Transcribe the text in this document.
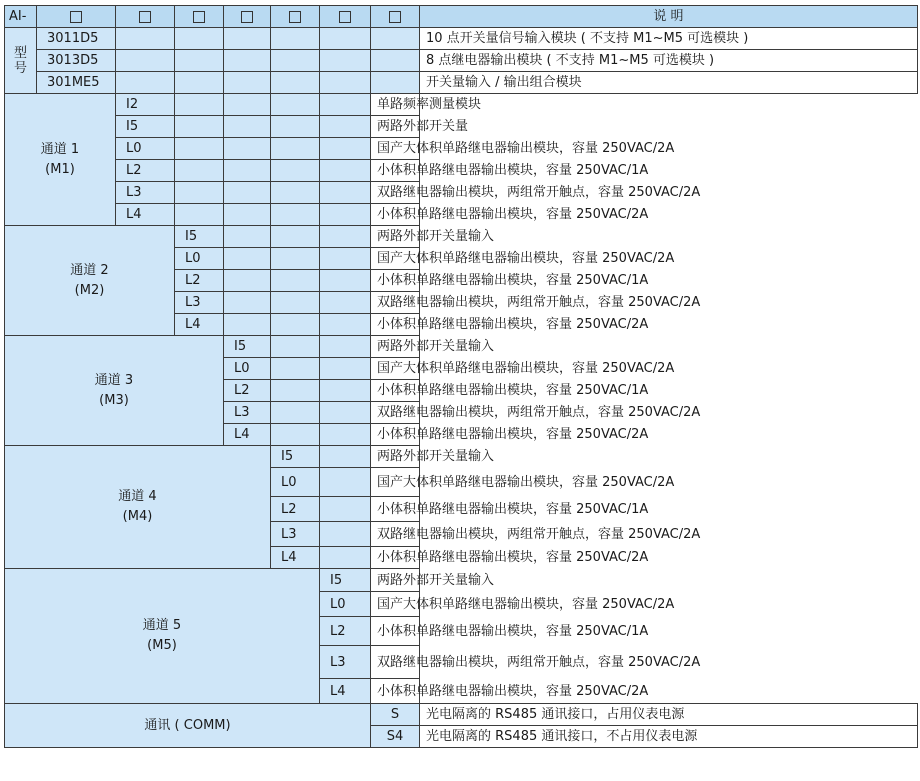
AI-								说 明

型
号	3011D5							10 点开关量信号输入模块 ( 不支持 M1~M5 可选模块 )
	3013D5							8 点继电器输出模块 ( 不支持 M1~M5 可选模块 )
	301ME5							开关量输入 / 输出组合模块

通道 1
(M1)		I2					单路频率测量模块	
		I5					两路外部开关量	
		L0					国产大体积单路继电器输出模块，容量 250VAC/2A	
		L2					小体积单路继电器输出模块，容量 250VAC/1A	
		L3					双路继电器输出模块，两组常开触点，容量 250VAC/2A	
		L4					小体积单路继电器输出模块，容量 250VAC/2A	

通道 2
(M2)			I5				两路外部开关量输入	
			L0				国产大体积单路继电器输出模块，容量 250VAC/2A	
			L2				小体积单路继电器输出模块，容量 250VAC/1A	
			L3				双路继电器输出模块，两组常开触点，容量 250VAC/2A	
			L4				小体积单路继电器输出模块，容量 250VAC/2A	

通道 3
(M3)				I5			两路外部开关量输入	
				L0			国产大体积单路继电器输出模块，容量 250VAC/2A	
				L2			小体积单路继电器输出模块，容量 250VAC/1A	
				L3			双路继电器输出模块，两组常开触点，容量 250VAC/2A	
				L4			小体积单路继电器输出模块，容量 250VAC/2A	

通道 4
(M4)					I5		两路外部开关量输入	
					L0		国产大体积单路继电器输出模块，容量 250VAC/2A	
					L2		小体积单路继电器输出模块，容量 250VAC/1A	
					L3		双路继电器输出模块，两组常开触点，容量 250VAC/2A	
					L4		小体积单路继电器输出模块，容量 250VAC/2A	

通道 5
(M5)						I5	两路外部开关量输入	
						L0	国产大体积单路继电器输出模块，容量 250VAC/2A	
						L2	小体积单路继电器输出模块，容量 250VAC/1A	
						L3	双路继电器输出模块，两组常开触点，容量 250VAC/2A	
						L4	小体积单路继电器输出模块，容量 250VAC/2A	
通讯 ( COMM)							S	光电隔离的 RS485 通讯接口，占用仪表电源
							S4	光电隔离的 RS485 通讯接口，不占用仪表电源
